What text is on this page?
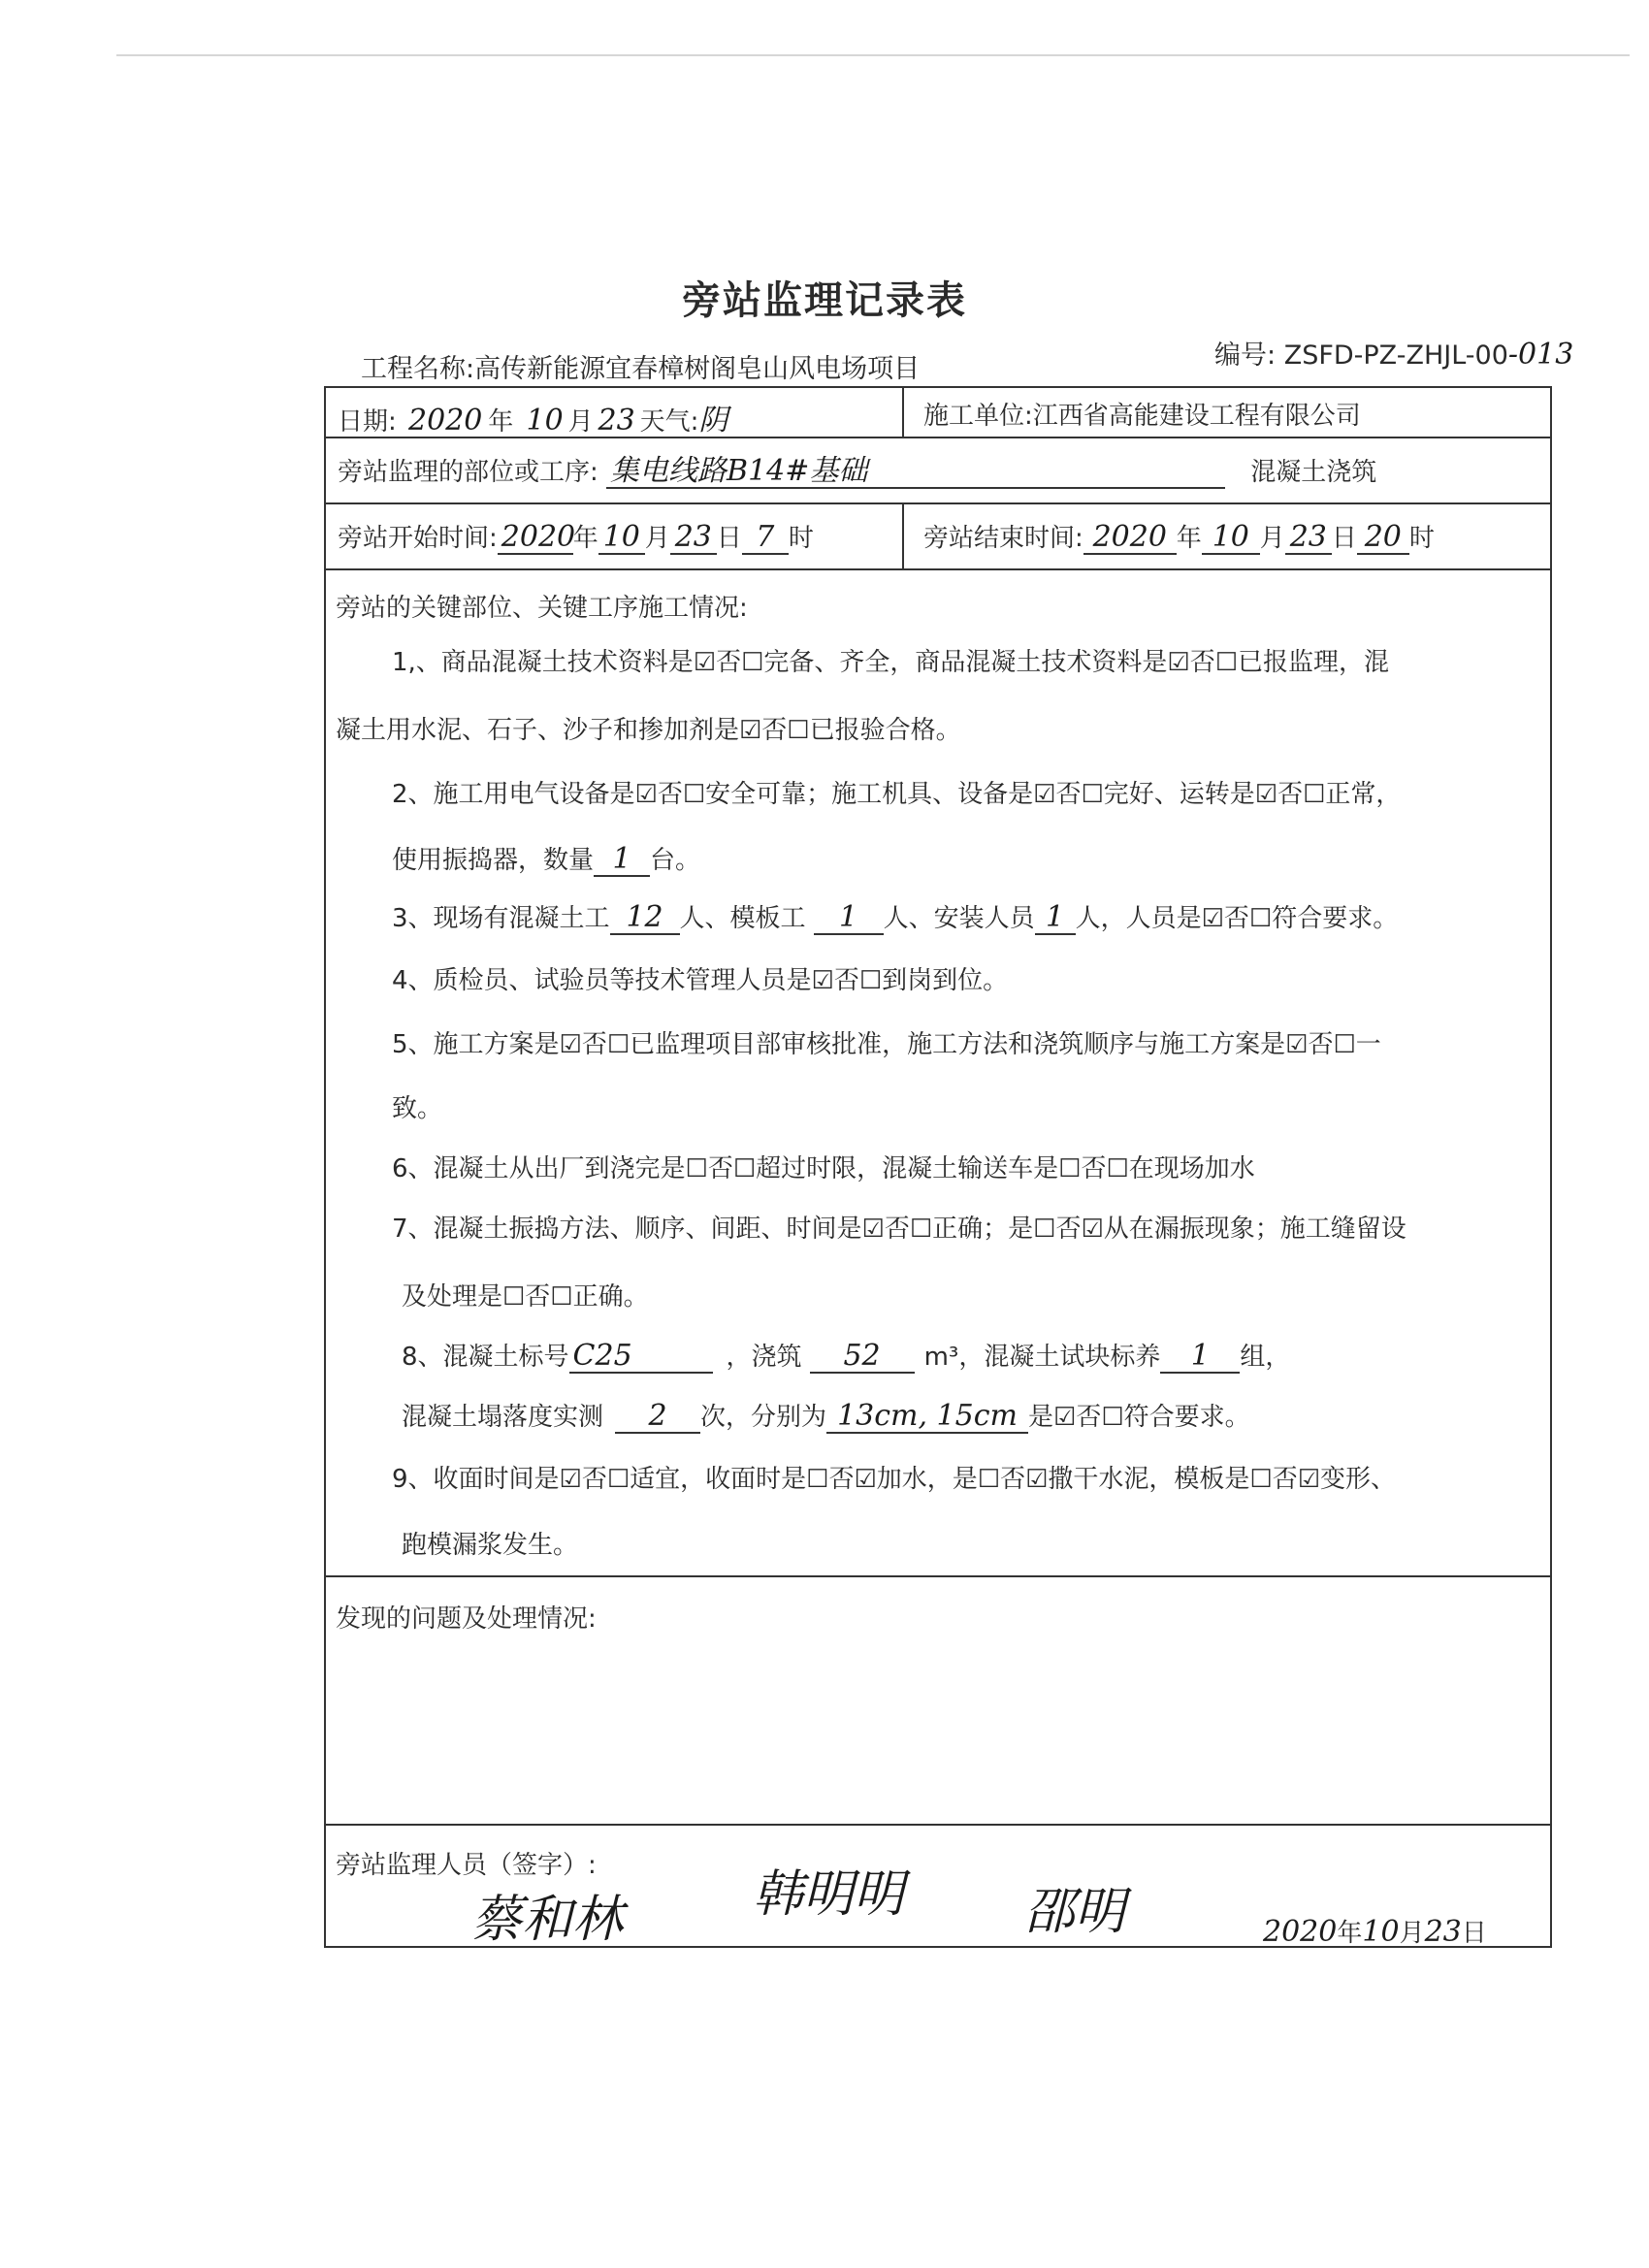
旁站监理记录表
工程名称:高传新能源宜春樟树阁皂山风电场项目	编号: ZSFD-PZ-ZHJL-00-013
日期: 2020 年 10 月 23 天气:阴	施工单位:江西省高能建设工程有限公司
旁站监理的部位或工序: 集电线路B14#基础	混凝土浇筑
旁站开始时间: 2020年 10 月 23 日 7 时	旁站结束时间: 2020 年 10 月 23 日 20 时
旁站的关键部位、关键工序施工情况:
1,、商品混凝土技术资料是☑否☐完备、齐全，商品混凝土技术资料是☑否☐已报监理，混
凝土用水泥、石子、沙子和掺加剂是☑否☐已报验合格。
2、施工用电气设备是☑否☐安全可靠；施工机具、设备是☑否☐完好、运转是☑否☐正常，
使用振捣器，数量 1 台。
3、现场有混凝土工 12 人、模板工 1 人、安装人员 1 人，人员是☑否☐符合要求。
4、质检员、试验员等技术管理人员是☑否☐到岗到位。
5、施工方案是☑否☐已监理项目部审核批准，施工方法和浇筑顺序与施工方案是☑否☐一
致。
6、混凝土从出厂到浇完是☐否☐超过时限，混凝土输送车是☐否☐在现场加水
7、混凝土振捣方法、顺序、间距、时间是☑否☐正确；是☐否☑从在漏振现象；施工缝留设
及处理是☐否☐正确。
8、混凝土标号 C25	，浇筑 52 m³，混凝土试块标养 1 组，
混凝土塌落度实测 2 次，分别为 13cm, 15cm 是☑否☐符合要求。
9、收面时间是☑否☐适宜，收面时是☐否☑加水，是☐否☑撒干水泥，模板是☐否☑变形、
跑模漏浆发生。
发现的问题及处理情况:
旁站监理人员（签字）:
蔡和林	韩明明 邵明	2020年10月23日
